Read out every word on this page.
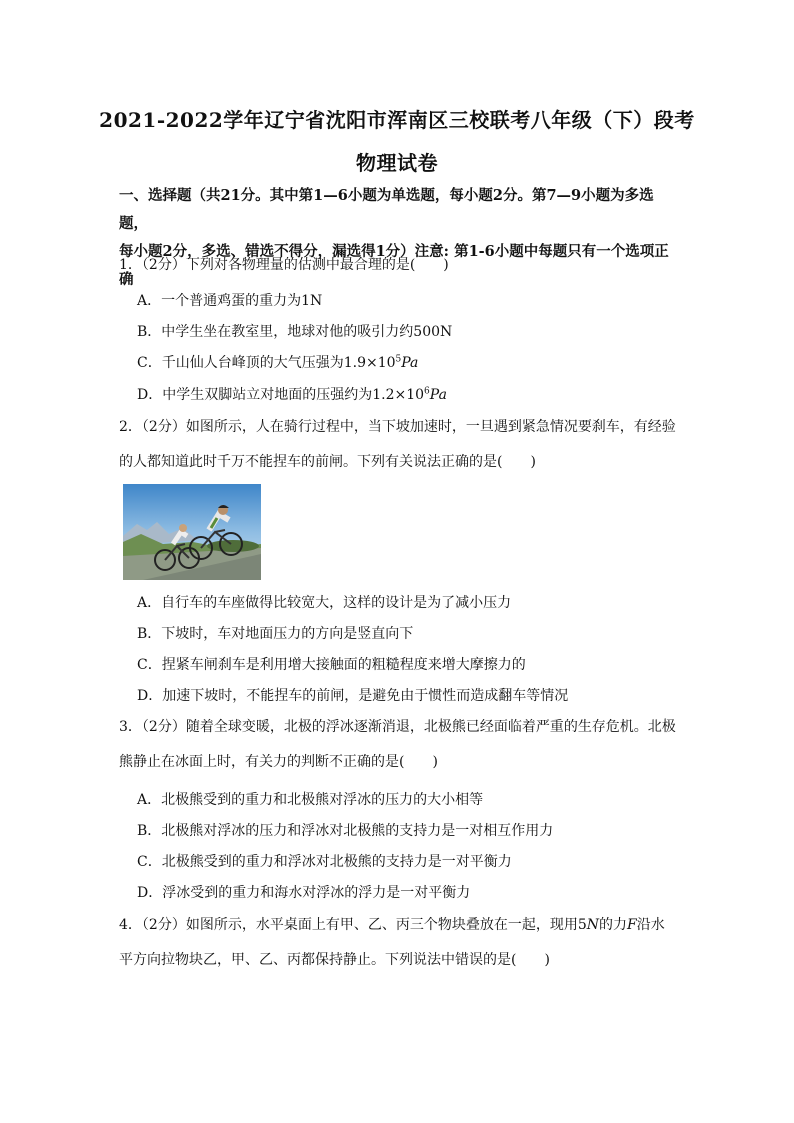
2021-2022学年辽宁省沈阳市浑南区三校联考八年级（下）段考
物理试卷
一、选择题（共21分。其中第1—6小题为单选题，每小题2分。第7—9小题为多选题，
每小题2分，多选、错选不得分，漏选得1分）注意: 第1-6小题中每题只有一个选项正确
1．（2分）下列对各物理量的估测中最合理的是(　　)
A．一个普通鸡蛋的重力为1N
B．中学生坐在教室里，地球对他的吸引力约500N
C．千山仙人台峰顶的大气压强为$1.9\times 10^5Pa$
D．中学生双脚站立对地面的压强约为$1.2\times 10^6Pa$
2．（2分）如图所示，人在骑行过程中，当下坡加速时，一旦遇到紧急情况要刹车，有经验
的人都知道此时千万不能捏车的前闸。下列有关说法正确的是(　　)
A．自行车的车座做得比较宽大，这样的设计是为了减小压力
B．下坡时，车对地面压力的方向是竖直向下
C．捏紧车闸刹车是利用增大接触面的粗糙程度来增大摩擦力的
D．加速下坡时，不能捏车的前闸，是避免由于惯性而造成翻车等情况
3．（2分）随着全球变暖，北极的浮冰逐渐消退，北极熊已经面临着严重的生存危机。北极
熊静止在冰面上时，有关力的判断不正确的是(　　)
A．北极熊受到的重力和北极熊对浮冰的压力的大小相等
B．北极熊对浮冰的压力和浮冰对北极熊的支持力是一对相互作用力
C．北极熊受到的重力和浮冰对北极熊的支持力是一对平衡力
D．浮冰受到的重力和海水对浮冰的浮力是一对平衡力
4．（2分）如图所示，水平桌面上有甲、乙、丙三个物块叠放在一起，现用5N的力F沿水
平方向拉物块乙，甲、乙、丙都保持静止。下列说法中错误的是(　　)
